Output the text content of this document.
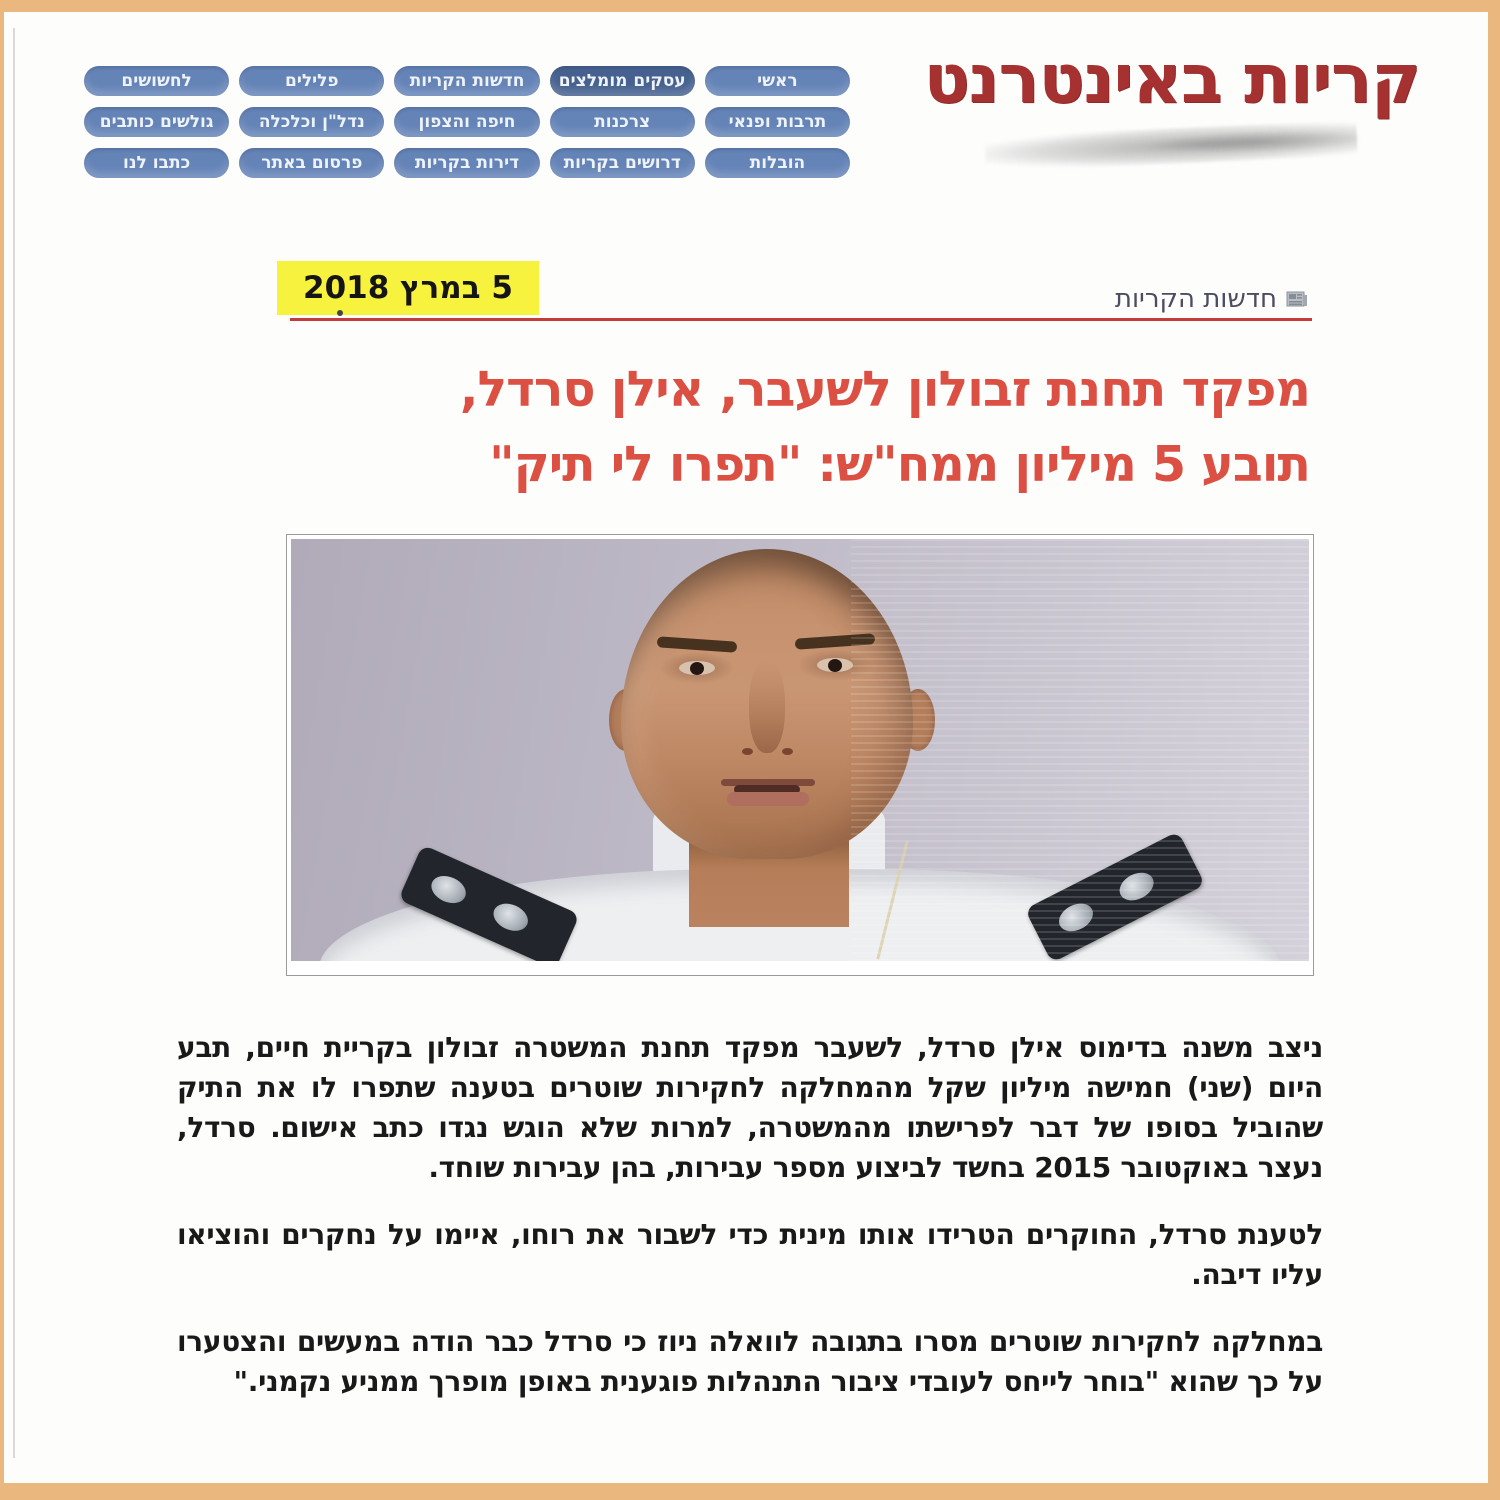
קריות באינטרנט
ראשי
עסקים מומלצים
חדשות הקריות
פלילים
לחשושים
תרבות ופנאי
צרכנות
חיפה והצפון
נדל"ן וכלכלה
גולשים כותבים
הובלות
דרושים בקריות
דירות בקריות
פרסום באתר
כתבו לנו
5 במרץ 2018	חדשות הקריות
מפקד תחנת זבולון לשעבר, אילן סרדל,
תובע 5 מיליון ממח"ש: "תפרו לי תיק"

ניצב משנה בדימוס אילן סרדל, לשעבר מפקד תחנת המשטרה זבולון בקריית חיים, תבע היום (שני) חמישה מיליון שקל מהמחלקה לחקירות שוטרים בטענה שתפרו לו את התיק שהוביל בסופו של דבר לפרישתו מהמשטרה, למרות שלא הוגש נגדו כתב אישום. סרדל, נעצר באוקטובר 2015 בחשד לביצוע מספר עבירות, בהן עבירות שוחד.

לטענת סרדל, החוקרים הטרידו אותו מינית כדי לשבור את רוחו, איימו על נחקרים והוציאו עליו דיבה.

במחלקה לחקירות שוטרים מסרו בתגובה לוואלה ניוז כי סרדל כבר הודה במעשים והצטערו על כך שהוא "בוחר לייחס לעובדי ציבור התנהלות פוגענית באופן מופרך ממניע נקמני."
